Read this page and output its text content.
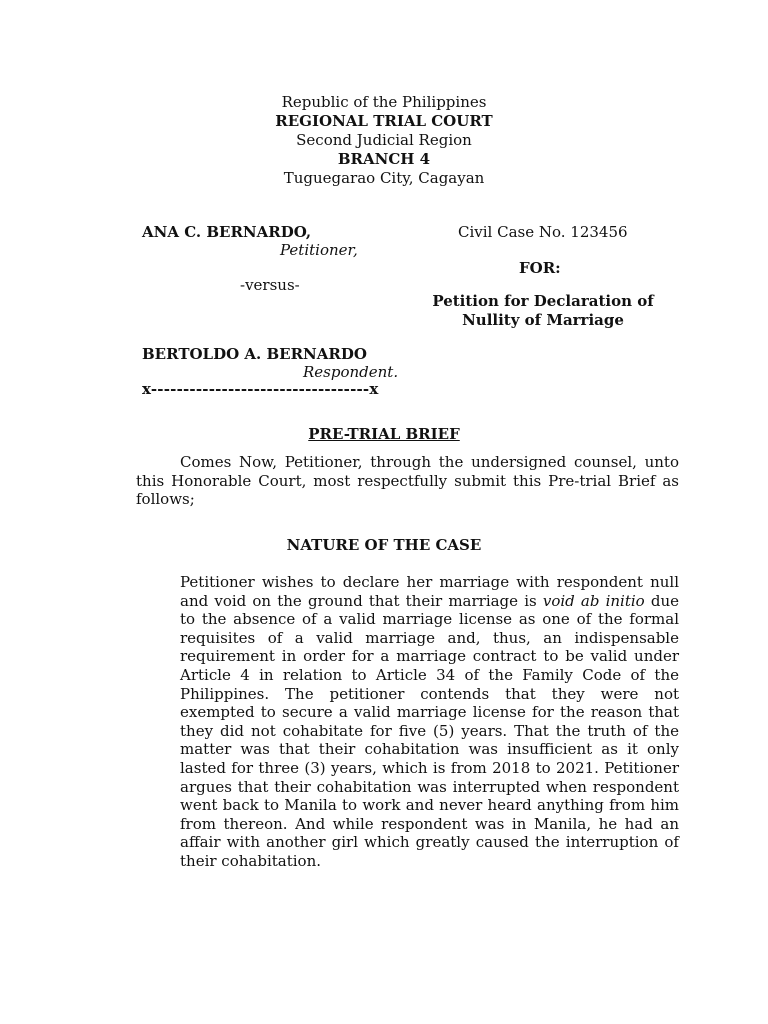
Republic of the Philippines
REGIONAL TRIAL COURT
Second Judicial Region
BRANCH 4
Tuguegarao City, Cagayan
ANA C. BERNARDO,
Petitioner,
-versus-
BERTOLDO A. BERNARDO
Respondent.
x----------------------------------x
Civil Case No. 123456
FOR:
Petition for Declaration of
Nullity of Marriage
PRE-TRIAL BRIEF

Comes Now, Petitioner, through the undersigned counsel, unto this Honorable Court, most respectfully submit this Pre-trial Brief as follows;

NATURE OF THE CASE

Petitioner wishes to declare her marriage with respondent null and void on the ground that their marriage is void ab initio due to the absence of a valid marriage license as one of the formal requisites of a valid marriage and, thus, an indispensable requirement in order for a marriage contract to be valid under Article 4 in relation to Article 34 of the Family Code of the Philippines. The petitioner contends that they were not exempted to secure a valid marriage license for the reason that they did not cohabitate for five (5) years. That the truth of the matter was that their cohabitation was insufficient as it only lasted for three (3) years, which is from 2018 to 2021. Petitioner argues that their cohabitation was interrupted when respondent went back to Manila to work and never heard anything from him from thereon. And while respondent was in Manila, he had an affair with another girl which greatly caused the interruption of their cohabitation.
